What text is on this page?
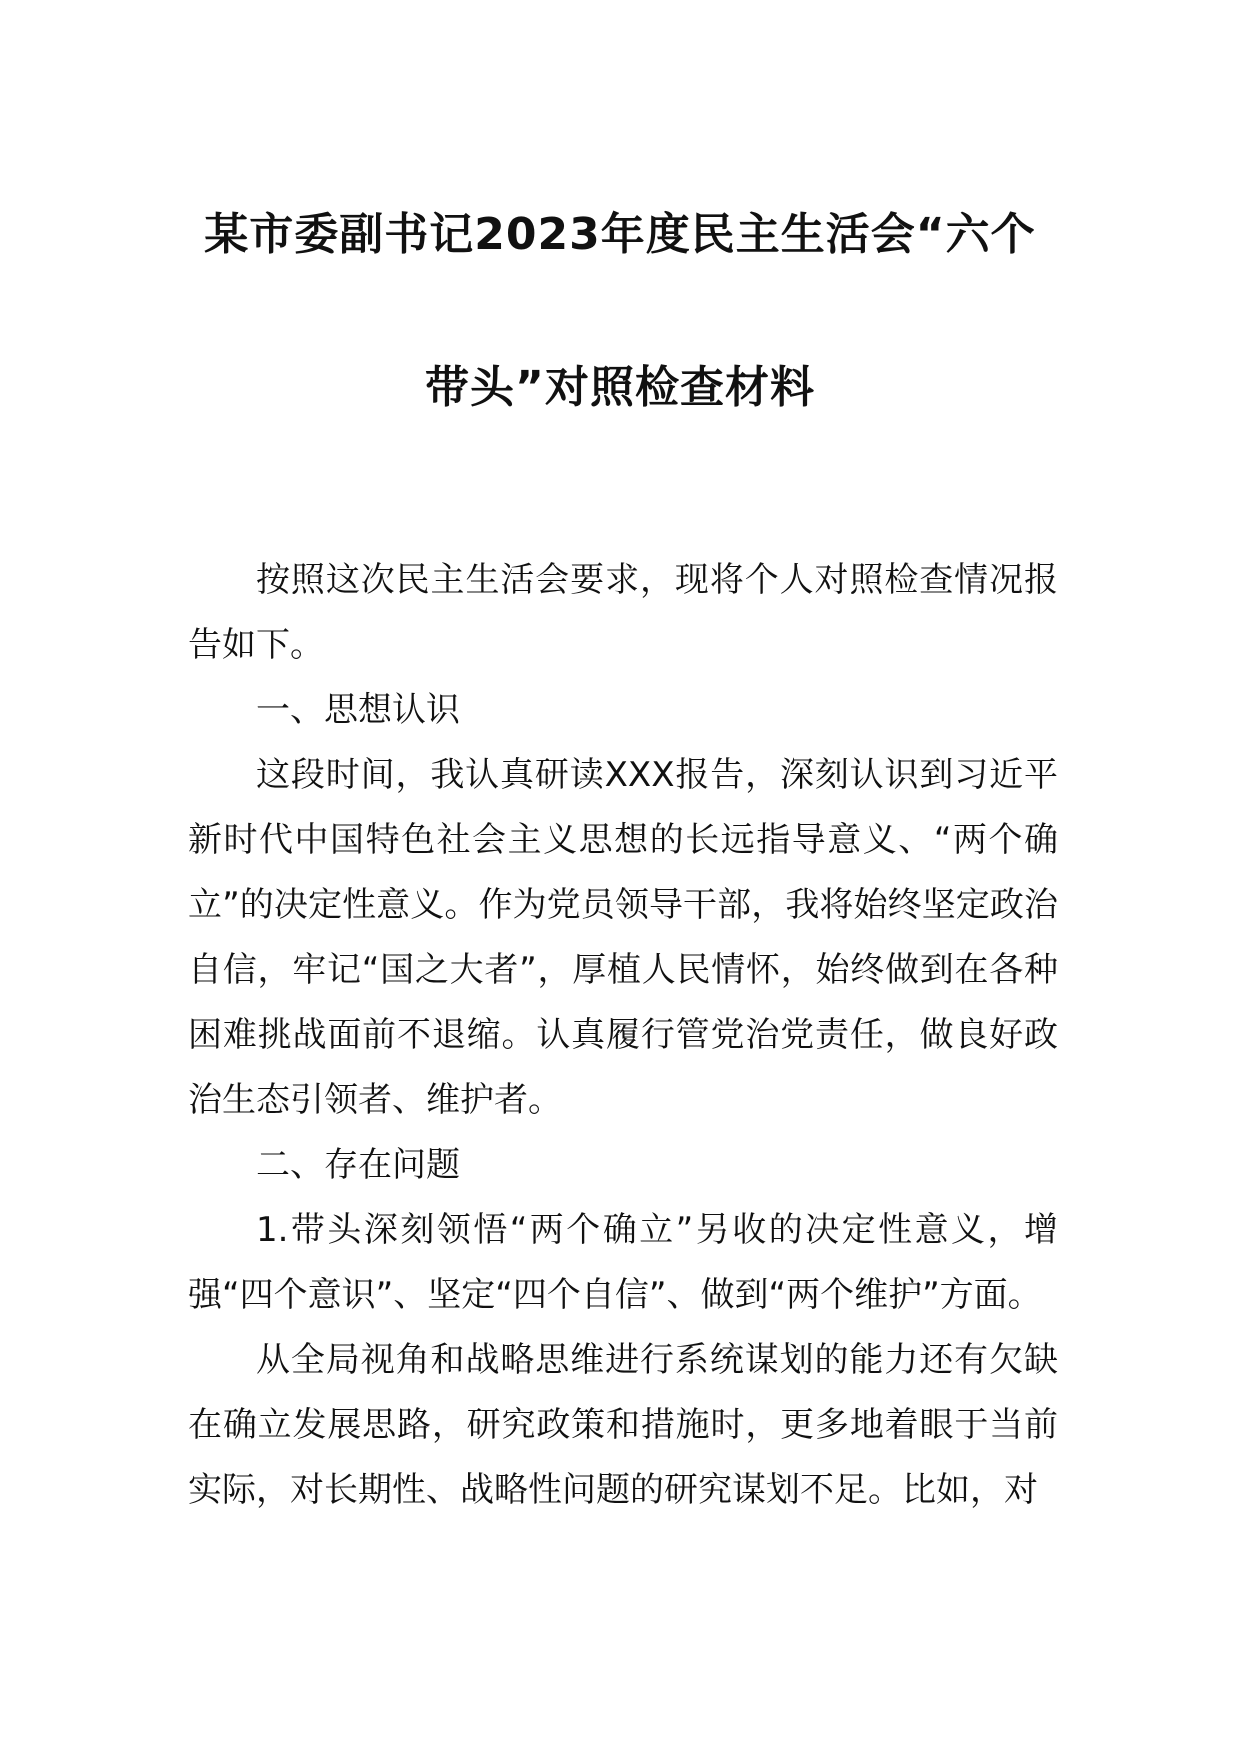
某市委副书记2023年度民主生活会“六个
带头”对照检查材料

按照这次民主生活会要求，现将个人对照检查情况报告如下。

一、思想认识

这段时间，我认真研读XXX报告，深刻认识到习近平新时代中国特色社会主义思想的长远指导意义、“两个确立”的决定性意义。作为党员领导干部，我将始终坚定政治自信，牢记“国之大者”，厚植人民情怀，始终做到在各种困难挑战面前不退缩。认真履行管党治党责任，做良好政治生态引领者、维护者。

二、存在问题

1.带头深刻领悟“两个确立”另收的决定性意义，增强“四个意识”、坚定“四个自信”、做到“两个维护”方面。

从全局视角和战略思维进行系统谋划的能力还有欠缺在确立发展思路，研究政策和措施时，更多地着眼于当前实际，对长期性、战略性问题的研究谋划不足。比如，对
